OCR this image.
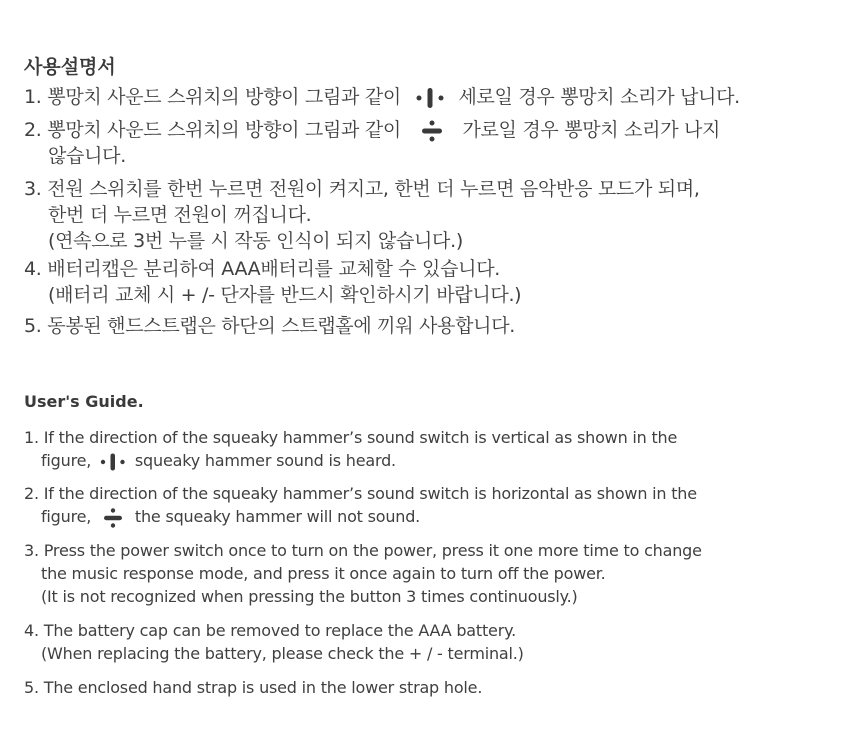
사용설명서
1. 뽕망치 사운드 스위치의 방향이 그림과 같이	세로일 경우 뽕망치 소리가 납니다.
2. 뽕망치 사운드 스위치의 방향이 그림과 같이	가로일 경우 뽕망치 소리가 나지
않습니다.
3. 전원 스위치를 한번 누르면 전원이 켜지고, 한번 더 누르면 음악반응 모드가 되며,
한번 더 누르면 전원이 꺼집니다.
(연속으로 3번 누를 시 작동 인식이 되지 않습니다.)
4. 배터리캡은 분리하여 AAA배터리를 교체할 수 있습니다.
(배터리 교체 시 + /- 단자를 반드시 확인하시기 바랍니다.)
5. 동봉된 핸드스트랩은 하단의 스트랩홀에 끼워 사용합니다.
User's Guide.
1. If the direction of the squeaky hammer’s sound switch is vertical as shown in the
figure,	squeaky hammer sound is heard.
2. If the direction of the squeaky hammer’s sound switch is horizontal as shown in the
figure,	the squeaky hammer will not sound.
3. Press the power switch once to turn on the power, press it one more time to change
the music response mode, and press it once again to turn off the power.
(It is not recognized when pressing the button 3 times continuously.)
4. The battery cap can be removed to replace the AAA battery.
(When replacing the battery, please check the + / - terminal.)
5. The enclosed hand strap is used in the lower strap hole.
